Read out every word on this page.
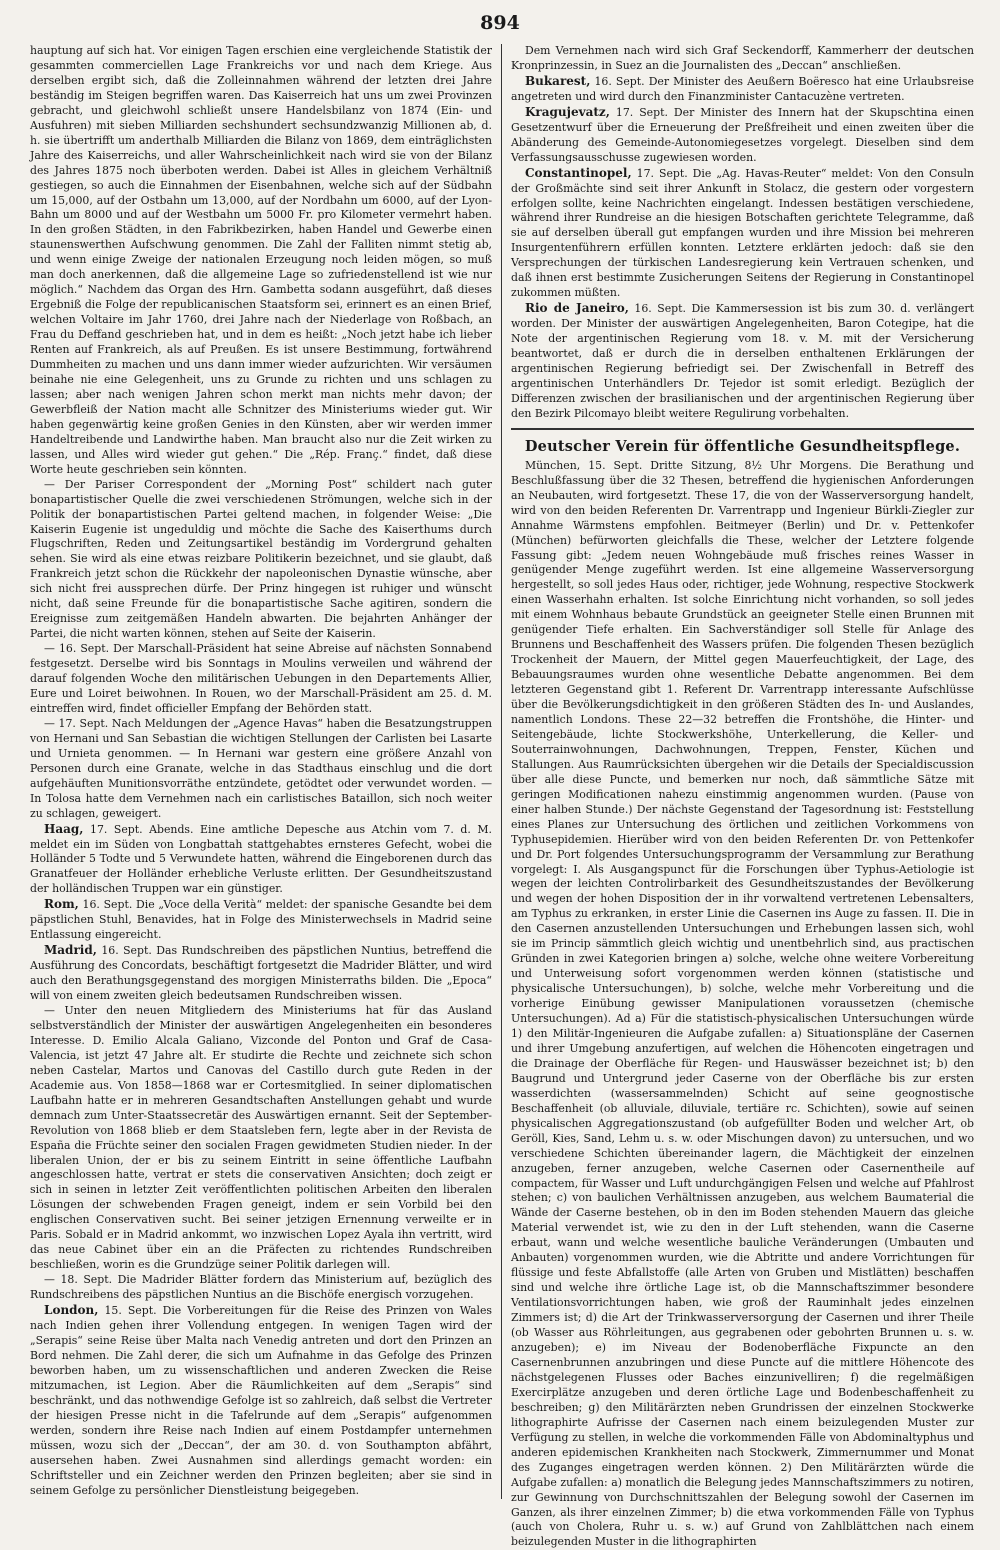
894

hauptung auf sich hat. Vor einigen Tagen erschien eine vergleichende Statistik der gesammten commerciellen Lage Frankreichs vor und nach dem Kriege. Aus derselben ergibt sich, daß die Zolleinnahmen während der letzten drei Jahre beständig im Steigen begriffen waren. Das Kaiserreich hat uns um zwei Provinzen gebracht, und gleichwohl schließt unsere Handelsbilanz von 1874 (Ein- und Ausfuhren) mit sieben Milliarden sechshundert sechsundzwanzig Millionen ab, d. h. sie übertrifft um anderthalb Milliarden die Bilanz von 1869, dem einträglichsten Jahre des Kaiserreichs, und aller Wahrscheinlichkeit nach wird sie von der Bilanz des Jahres 1875 noch überboten werden. Dabei ist Alles in gleichem Verhältniß gestiegen, so auch die Einnahmen der Eisenbahnen, welche sich auf der Südbahn um 15,000, auf der Ostbahn um 13,000, auf der Nordbahn um 6000, auf der Lyon-Bahn um 8000 und auf der Westbahn um 5000 Fr. pro Kilometer vermehrt haben. In den großen Städten, in den Fabrikbezirken, haben Handel und Gewerbe einen staunenswerthen Aufschwung genommen. Die Zahl der Falliten nimmt stetig ab, und wenn einige Zweige der nationalen Erzeugung noch leiden mögen, so muß man doch anerkennen, daß die allgemeine Lage so zufriedenstellend ist wie nur möglich.“ Nachdem das Organ des Hrn. Gambetta sodann ausgeführt, daß dieses Ergebniß die Folge der republicanischen Staatsform sei, erinnert es an einen Brief, welchen Voltaire im Jahr 1760, drei Jahre nach der Niederlage von Roßbach, an Frau du Deffand geschrieben hat, und in dem es heißt: „Noch jetzt habe ich lieber Renten auf Frankreich, als auf Preußen. Es ist unsere Bestimmung, fortwährend Dummheiten zu machen und uns dann immer wieder aufzurichten. Wir versäumen beinahe nie eine Gelegenheit, uns zu Grunde zu richten und uns schlagen zu lassen; aber nach wenigen Jahren schon merkt man nichts mehr davon; der Gewerbfleiß der Nation macht alle Schnitzer des Ministeriums wieder gut. Wir haben gegenwärtig keine großen Genies in den Künsten, aber wir werden immer Handeltreibende und Landwirthe haben. Man braucht also nur die Zeit wirken zu lassen, und Alles wird wieder gut gehen.“ Die „Rép. Franç.“ findet, daß diese Worte heute geschrieben sein könnten.

— Der Pariser Correspondent der „Morning Post“ schildert nach guter bonapartistischer Quelle die zwei verschiedenen Strömungen, welche sich in der Politik der bonapartistischen Partei geltend machen, in folgender Weise: „Die Kaiserin Eugenie ist ungeduldig und möchte die Sache des Kaiserthums durch Flugschriften, Reden und Zeitungsartikel beständig im Vordergrund gehalten sehen. Sie wird als eine etwas reizbare Politikerin bezeichnet, und sie glaubt, daß Frankreich jetzt schon die Rückkehr der napoleonischen Dynastie wünsche, aber sich nicht frei aussprechen dürfe. Der Prinz hingegen ist ruhiger und wünscht nicht, daß seine Freunde für die bonapartistische Sache agitiren, sondern die Ereignisse zum zeitgemäßen Handeln abwarten. Die bejahrten Anhänger der Partei, die nicht warten können, stehen auf Seite der Kaiserin.

— 16. Sept. Der Marschall-Präsident hat seine Abreise auf nächsten Sonnabend festgesetzt. Derselbe wird bis Sonntags in Moulins verweilen und während der darauf folgenden Woche den militärischen Uebungen in den Departements Allier, Eure und Loiret beiwohnen. In Rouen, wo der Marschall-Präsident am 25. d. M. eintreffen wird, findet officieller Empfang der Behörden statt.

— 17. Sept. Nach Meldungen der „Agence Havas“ haben die Besatzungstruppen von Hernani und San Sebastian die wichtigen Stellungen der Carlisten bei Lasarte und Urnieta genommen. — In Hernani war gestern eine größere Anzahl von Personen durch eine Granate, welche in das Stadthaus einschlug und die dort aufgehäuften Munitionsvorräthe entzündete, getödtet oder verwundet worden. — In Tolosa hatte dem Vernehmen nach ein carlistisches Bataillon, sich noch weiter zu schlagen, geweigert.

Haag, 17. Sept. Abends. Eine amtliche Depesche aus Atchin vom 7. d. M. meldet ein im Süden von Longbattah stattgehabtes ernsteres Gefecht, wobei die Holländer 5 Todte und 5 Verwundete hatten, während die Eingeborenen durch das Granatfeuer der Holländer erhebliche Verluste erlitten. Der Gesundheitszustand der holländischen Truppen war ein günstiger.

Rom, 16. Sept. Die „Voce della Verità“ meldet: der spanische Gesandte bei dem päpstlichen Stuhl, Benavides, hat in Folge des Ministerwechsels in Madrid seine Entlassung eingereicht.

Madrid, 16. Sept. Das Rundschreiben des päpstlichen Nuntius, betreffend die Ausführung des Concordats, beschäftigt fortgesetzt die Madrider Blätter, und wird auch den Berathungsgegenstand des morgigen Ministerraths bilden. Die „Epoca“ will von einem zweiten gleich bedeutsamen Rundschreiben wissen.

— Unter den neuen Mitgliedern des Ministeriums hat für das Ausland selbstverständlich der Minister der auswärtigen Angelegenheiten ein besonderes Interesse. D. Emilio Alcala Galiano, Vizconde del Ponton und Graf de Casa-Valencia, ist jetzt 47 Jahre alt. Er studirte die Rechte und zeichnete sich schon neben Castelar, Martos und Canovas del Castillo durch gute Reden in der Academie aus. Von 1858—1868 war er Cortesmitglied. In seiner diplomatischen Laufbahn hatte er in mehreren Gesandtschaften Anstellungen gehabt und wurde demnach zum Unter-Staatssecretär des Auswärtigen ernannt. Seit der September-Revolution von 1868 blieb er dem Staatsleben fern, legte aber in der Revista de España die Früchte seiner den socialen Fragen gewidmeten Studien nieder. In der liberalen Union, der er bis zu seinem Eintritt in seine öffentliche Laufbahn angeschlossen hatte, vertrat er stets die conservativen Ansichten; doch zeigt er sich in seinen in letzter Zeit veröffentlichten politischen Arbeiten den liberalen Lösungen der schwebenden Fragen geneigt, indem er sein Vorbild bei den englischen Conservativen sucht. Bei seiner jetzigen Ernennung verweilte er in Paris. Sobald er in Madrid ankommt, wo inzwischen Lopez Ayala ihn vertritt, wird das neue Cabinet über ein an die Präfecten zu richtendes Rundschreiben beschließen, worin es die Grundzüge seiner Politik darlegen will.

— 18. Sept. Die Madrider Blätter fordern das Ministerium auf, bezüglich des Rundschreibens des päpstlichen Nuntius an die Bischöfe energisch vorzugehen.

London, 15. Sept. Die Vorbereitungen für die Reise des Prinzen von Wales nach Indien gehen ihrer Vollendung entgegen. In wenigen Tagen wird der „Serapis“ seine Reise über Malta nach Venedig antreten und dort den Prinzen an Bord nehmen. Die Zahl derer, die sich um Aufnahme in das Gefolge des Prinzen beworben haben, um zu wissenschaftlichen und anderen Zwecken die Reise mitzumachen, ist Legion. Aber die Räumlichkeiten auf dem „Serapis“ sind beschränkt, und das nothwendige Gefolge ist so zahlreich, daß selbst die Vertreter der hiesigen Presse nicht in die Tafelrunde auf dem „Serapis“ aufgenommen werden, sondern ihre Reise nach Indien auf einem Postdampfer unternehmen müssen, wozu sich der „Deccan“, der am 30. d. von Southampton abfährt, ausersehen haben. Zwei Ausnahmen sind allerdings gemacht worden: ein Schriftsteller und ein Zeichner werden den Prinzen begleiten; aber sie sind in seinem Gefolge zu persönlicher Dienstleistung beigegeben.

Dem Vernehmen nach wird sich Graf Seckendorff, Kammerherr der deutschen Kronprinzessin, in Suez an die Journalisten des „Deccan“ anschließen.

Bukarest, 16. Sept. Der Minister des Aeußern Boëresco hat eine Urlaubsreise angetreten und wird durch den Finanzminister Cantacuzène vertreten.

Kragujevatz, 17. Sept. Der Minister des Innern hat der Skupschtina einen Gesetzentwurf über die Erneuerung der Preßfreiheit und einen zweiten über die Abänderung des Gemeinde-Autonomiegesetzes vorgelegt. Dieselben sind dem Verfassungsausschusse zugewiesen worden.

Constantinopel, 17. Sept. Die „Ag. Havas-Reuter“ meldet: Von den Consuln der Großmächte sind seit ihrer Ankunft in Stolacz, die gestern oder vorgestern erfolgen sollte, keine Nachrichten eingelangt. Indessen bestätigen verschiedene, während ihrer Rundreise an die hiesigen Botschaften gerichtete Telegramme, daß sie auf derselben überall gut empfangen wurden und ihre Mission bei mehreren Insurgentenführern erfüllen konnten. Letztere erklärten jedoch: daß sie den Versprechungen der türkischen Landesregierung kein Vertrauen schenken, und daß ihnen erst bestimmte Zusicherungen Seitens der Regierung in Constantinopel zukommen müßten.

Rio de Janeiro, 16. Sept. Die Kammersession ist bis zum 30. d. verlängert worden. Der Minister der auswärtigen Angelegenheiten, Baron Cotegipe, hat die Note der argentinischen Regierung vom 18. v. M. mit der Versicherung beantwortet, daß er durch die in derselben enthaltenen Erklärungen der argentinischen Regierung befriedigt sei. Der Zwischenfall in Betreff des argentinischen Unterhändlers Dr. Tejedor ist somit erledigt. Bezüglich der Differenzen zwischen der brasilianischen und der argentinischen Regierung über den Bezirk Pilcomayo bleibt weitere Regulirung vorbehalten.

Deutscher Verein für öffentliche Gesundheitspflege.

München, 15. Sept. Dritte Sitzung, 8½ Uhr Morgens. Die Berathung und Beschlußfassung über die 32 Thesen, betreffend die hygienischen Anforderungen an Neubauten, wird fortgesetzt. These 17, die von der Wasserversorgung handelt, wird von den beiden Referenten Dr. Varrentrapp und Ingenieur Bürkli-Ziegler zur Annahme Wärmstens empfohlen. Beitmeyer (Berlin) und Dr. v. Pettenkofer (München) befürworten gleichfalls die These, welcher der Letztere folgende Fassung gibt: „Jedem neuen Wohngebäude muß frisches reines Wasser in genügender Menge zugeführt werden. Ist eine allgemeine Wasserversorgung hergestellt, so soll jedes Haus oder, richtiger, jede Wohnung, respective Stockwerk einen Wasserhahn erhalten. Ist solche Einrichtung nicht vorhanden, so soll jedes mit einem Wohnhaus bebaute Grundstück an geeigneter Stelle einen Brunnen mit genügender Tiefe erhalten. Ein Sachverständiger soll Stelle für Anlage des Brunnens und Beschaffenheit des Wassers prüfen. Die folgenden Thesen bezüglich Trockenheit der Mauern, der Mittel gegen Mauerfeuchtigkeit, der Lage, des Bebauungsraumes wurden ohne wesentliche Debatte angenommen. Bei dem letzteren Gegenstand gibt 1. Referent Dr. Varrentrapp interessante Aufschlüsse über die Bevölkerungsdichtigkeit in den größeren Städten des In- und Auslandes, namentlich Londons. These 22—32 betreffen die Frontshöhe, die Hinter- und Seitengebäude, lichte Stockwerkshöhe, Unterkellerung, die Keller- und Souterrainwohnungen, Dachwohnungen, Treppen, Fenster, Küchen und Stallungen. Aus Raumrücksichten übergehen wir die Details der Specialdiscussion über alle diese Puncte, und bemerken nur noch, daß sämmtliche Sätze mit geringen Modificationen nahezu einstimmig angenommen wurden. (Pause von einer halben Stunde.) Der nächste Gegenstand der Tagesordnung ist: Feststellung eines Planes zur Untersuchung des örtlichen und zeitlichen Vorkommens von Typhusepidemien. Hierüber wird von den beiden Referenten Dr. von Pettenkofer und Dr. Port folgendes Untersuchungsprogramm der Versammlung zur Berathung vorgelegt: I. Als Ausgangspunct für die Forschungen über Typhus-Aetiologie ist wegen der leichten Controlirbarkeit des Gesundheitszustandes der Bevölkerung und wegen der hohen Disposition der in ihr vorwaltend vertretenen Lebensalters, am Typhus zu erkranken, in erster Linie die Casernen ins Auge zu fassen. II. Die in den Casernen anzustellenden Untersuchungen und Erhebungen lassen sich, wohl sie im Princip sämmtlich gleich wichtig und unentbehrlich sind, aus practischen Gründen in zwei Kategorien bringen a) solche, welche ohne weitere Vorbereitung und Unterweisung sofort vorgenommen werden können (statistische und physicalische Untersuchungen), b) solche, welche mehr Vorbereitung und die vorherige Einübung gewisser Manipulationen voraussetzen (chemische Untersuchungen). Ad a) Für die statistisch-physicalischen Untersuchungen würde 1) den Militär-Ingenieuren die Aufgabe zufallen: a) Situationspläne der Casernen und ihrer Umgebung anzufertigen, auf welchen die Höhencoten eingetragen und die Drainage der Oberfläche für Regen- und Hauswässer bezeichnet ist; b) den Baugrund und Untergrund jeder Caserne von der Oberfläche bis zur ersten wasserdichten (wassersammelnden) Schicht auf seine geognostische Beschaffenheit (ob alluviale, diluviale, tertiäre rc. Schichten), sowie auf seinen physicalischen Aggregationszustand (ob aufgefüllter Boden und welcher Art, ob Geröll, Kies, Sand, Lehm u. s. w. oder Mischungen davon) zu untersuchen, und wo verschiedene Schichten übereinander lagern, die Mächtigkeit der einzelnen anzugeben, ferner anzugeben, welche Casernen oder Casernentheile auf compactem, für Wasser und Luft undurchgängigen Felsen und welche auf Pfahlrost stehen; c) von baulichen Verhältnissen anzugeben, aus welchem Baumaterial die Wände der Caserne bestehen, ob in den im Boden stehenden Mauern das gleiche Material verwendet ist, wie zu den in der Luft stehenden, wann die Caserne erbaut, wann und welche wesentliche bauliche Veränderungen (Umbauten und Anbauten) vorgenommen wurden, wie die Abtritte und andere Vorrichtungen für flüssige und feste Abfallstoffe (alle Arten von Gruben und Mistlätten) beschaffen sind und welche ihre örtliche Lage ist, ob die Mannschaftszimmer besondere Ventilationsvorrichtungen haben, wie groß der Rauminhalt jedes einzelnen Zimmers ist; d) die Art der Trinkwasserversorgung der Casernen und ihrer Theile (ob Wasser aus Röhrleitungen, aus gegrabenen oder gebohrten Brunnen u. s. w. anzugeben); e) im Niveau der Bodenoberfläche Fixpuncte an den Casernenbrunnen anzubringen und diese Puncte auf die mittlere Höhencote des nächstgelegenen Flusses oder Baches einzunivelliren; f) die regelmäßigen Exercirplätze anzugeben und deren örtliche Lage und Bodenbeschaffenheit zu beschreiben; g) den Militärärzten neben Grundrissen der einzelnen Stockwerke lithographirte Aufrisse der Casernen nach einem beizulegenden Muster zur Verfügung zu stellen, in welche die vorkommenden Fälle von Abdominaltyphus und anderen epidemischen Krankheiten nach Stockwerk, Zimmernummer und Monat des Zuganges eingetragen werden können. 2) Den Militärärzten würde die Aufgabe zufallen: a) monatlich die Belegung jedes Mannschaftszimmers zu notiren, zur Gewinnung von Durchschnittszahlen der Belegung sowohl der Casernen im Ganzen, als ihrer einzelnen Zimmer; b) die etwa vorkommenden Fälle von Typhus (auch von Cholera, Ruhr u. s. w.) auf Grund von Zahlblättchen nach einem beizulegenden Muster in die lithographirten
